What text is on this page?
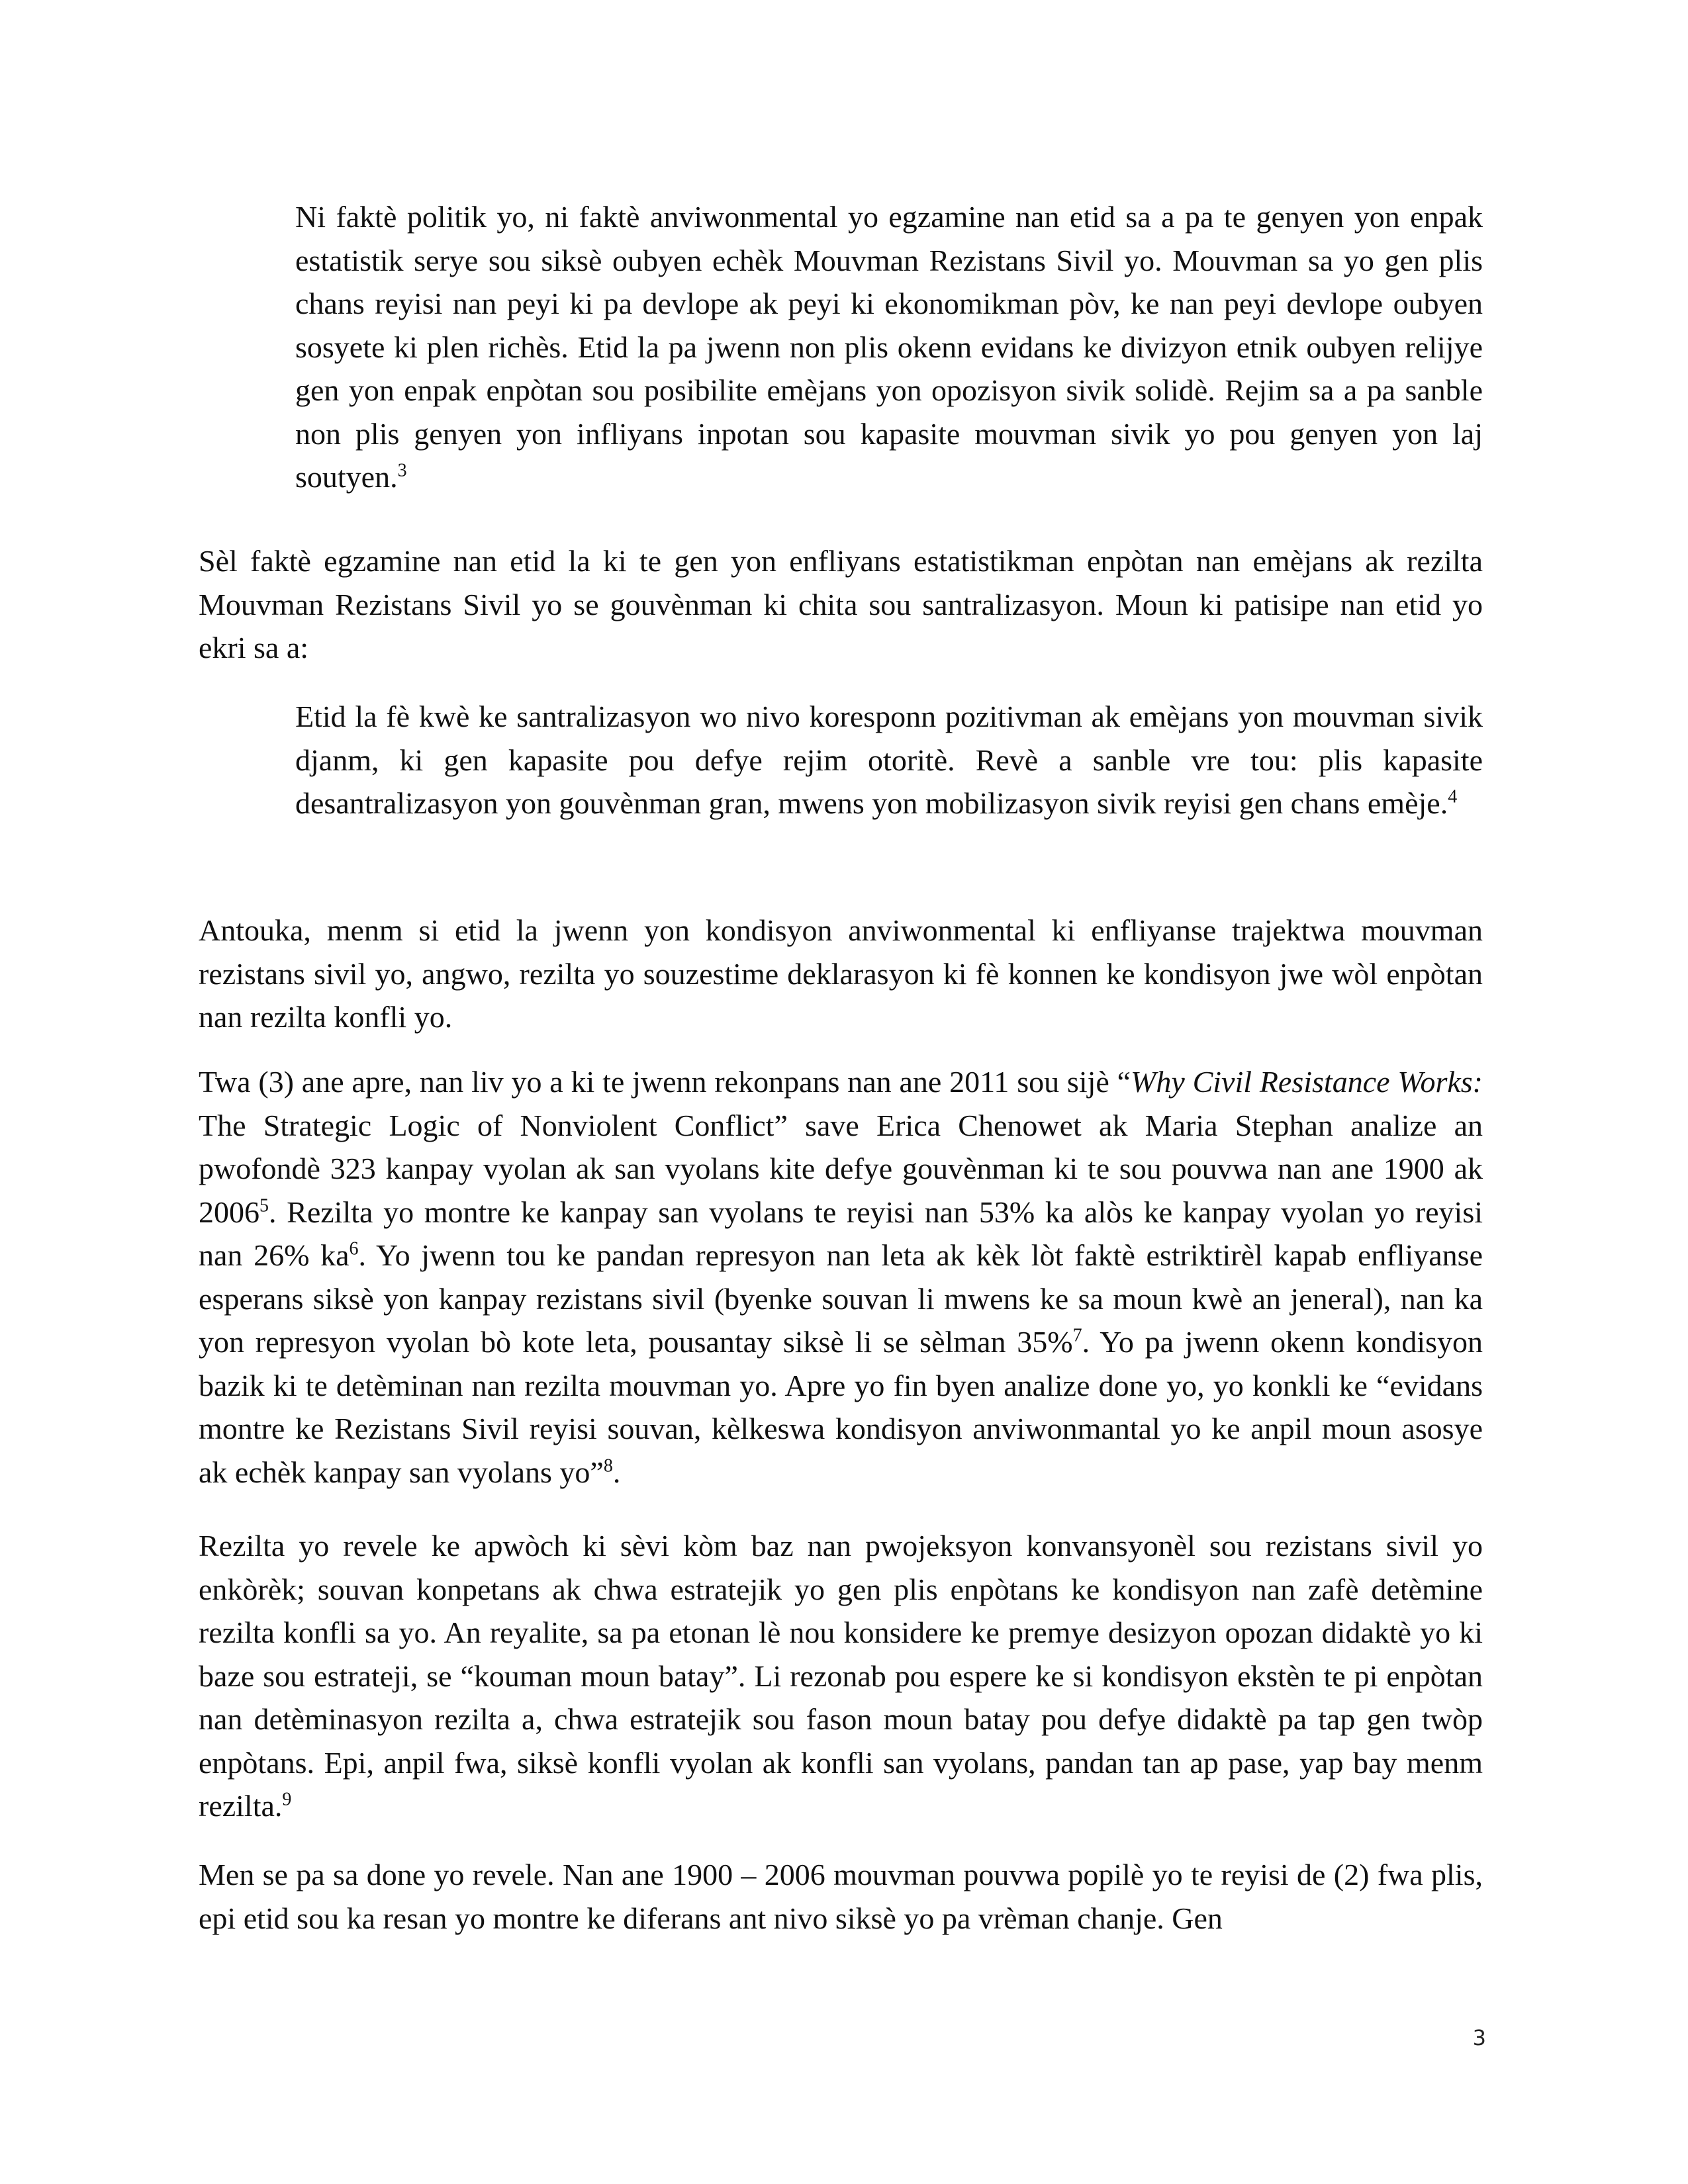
Ni faktè politik yo, ni faktè anviwonmental yo egzamine nan etid sa a pa te genyen yon enpak estatistik serye sou siksè oubyen echèk Mouvman Rezistans Sivil yo. Mouvman sa yo gen plis chans reyisi nan peyi ki pa devlope ak peyi ki ekonomikman pòv, ke nan peyi devlope oubyen sosyete ki plen richès. Etid la pa jwenn non plis okenn evidans ke divizyon etnik oubyen relijye gen yon enpak enpòtan sou posibilite emèjans yon opozisyon sivik solidè. Rejim sa a pa sanble non plis genyen yon infliyans inpotan sou kapasite mouvman sivik yo pou genyen yon laj soutyen.$^3$

Sèl faktè egzamine nan etid la ki te gen yon enfliyans estatistikman enpòtan nan emèjans ak rezilta Mouvman Rezistans Sivil yo se gouvènman ki chita sou santralizasyon. Moun ki patisipe nan etid yo ekri sa a:

Etid la fè kwè ke santralizasyon wo nivo koresponn pozitivman ak emèjans yon mouvman sivik djanm, ki gen kapasite pou defye rejim otoritè. Revè a sanble vre tou: plis kapasite desantralizasyon yon gouvènman gran, mwens yon mobilizasyon sivik reyisi gen chans emèje.$^4$

Antouka, menm si etid la jwenn yon kondisyon anviwonmental ki enfliyanse trajektwa mouvman rezistans sivil yo, angwo, rezilta yo souzestime deklarasyon ki fè konnen ke kondisyon jwe wòl enpòtan nan rezilta konfli yo.

Twa (3) ane apre, nan liv yo a ki te jwenn rekonpans nan ane 2011 sou sijè “Why Civil Resistance Works: The Strategic Logic of Nonviolent Conflict” save Erica Chenowet ak Maria Stephan analize an pwofondè 323 kanpay vyolan ak san vyolans kite defye gouvènman ki te sou pouvwa nan ane 1900 ak 2006$^5$. Rezilta yo montre ke kanpay san vyolans te reyisi nan 53% ka alòs ke kanpay vyolan yo reyisi nan 26% $ka^6$. Yo jwenn tou ke pandan represyon nan leta ak kèk lòt faktè estriktirèl kapab enfliyanse esperans siksè yon kanpay rezistans sivil (byenke souvan li mwens ke sa moun kwè an jeneral), nan ka yon represyon vyolan bò kote leta, pousantay siksè li se sèlman 35%$^7$. Yo pa jwenn okenn kondisyon bazik ki te detèminan nan rezilta mouvman yo. Apre yo fin byen analize done yo, yo konkli ke “evidans montre ke Rezistans Sivil reyisi souvan, kèlkeswa kondisyon anviwonmantal yo ke anpil moun asosye ak echèk kanpay san vyolans yo”$^8$.

Rezilta yo revele ke apwòch ki sèvi kòm baz nan pwojeksyon konvansyonèl sou rezistans sivil yo enkòrèk; souvan konpetans ak chwa estratejik yo gen plis enpòtans ke kondisyon nan zafè detèmine rezilta konfli sa yo. An reyalite, sa pa etonan lè nou konsidere ke premye desizyon opozan didaktè yo ki baze sou estrateji, se “kouman moun batay”. Li rezonab pou espere ke si kondisyon ekstèn te pi enpòtan nan detèminasyon rezilta a, chwa estratejik sou fason moun batay pou defye didaktè pa tap gen twòp enpòtans. Epi, anpil fwa, siksè konfli vyolan ak konfli san vyolans, pandan tan ap pase, yap bay menm rezilta.$^9$

Men se pa sa done yo revele. Nan ane 1900 – 2006 mouvman pouvwa popilè yo te reyisi de (2) fwa plis, epi etid sou ka resan yo montre ke diferans ant nivo siksè yo pa vrèman chanje. Gen

3
